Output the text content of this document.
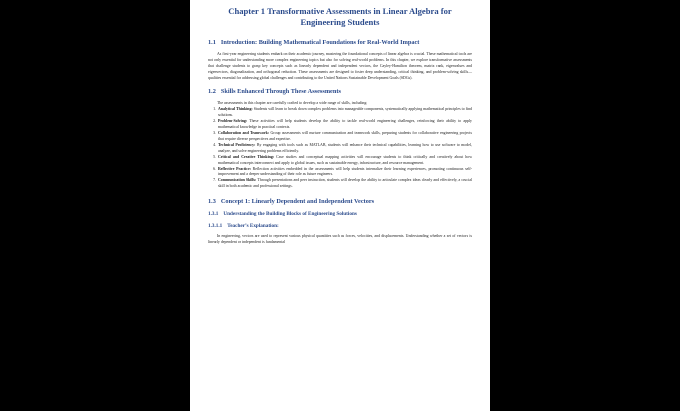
Chapter 1 Transformative Assessments in Linear Algebra for Engineering Students
1.1 Introduction: Building Mathematical Foundations for Real-World Impact

As first-year engineering students embark on their academic journey, mastering the foundational concepts of linear algebra is crucial. These mathematical tools are not only essential for understanding more complex engineering topics but also for solving real-world problems. In this chapter, we explore transformative assessments that challenge students to grasp key concepts such as linearly dependent and independent vectors, the Cayley-Hamilton theorem, matrix rank, eigenvalues and eigenvectors, diagonalization, and orthogonal reduction. These assessments are designed to foster deep understanding, critical thinking, and problem-solving skills—qualities essential for addressing global challenges and contributing to the United Nations Sustainable Development Goals (SDGs).

1.2 Skills Enhanced Through These Assessments

The assessments in this chapter are carefully crafted to develop a wide range of skills, including:

1. Analytical Thinking: Students will learn to break down complex problems into manageable components, systematically applying mathematical principles to find solutions.
2. Problem-Solving: These activities will help students develop the ability to tackle real-world engineering challenges, reinforcing their ability to apply mathematical knowledge in practical contexts.
3. Collaboration and Teamwork: Group assessments will nurture communication and teamwork skills, preparing students for collaborative engineering projects that require diverse perspectives and expertise.
4. Technical Proficiency: By engaging with tools such as MATLAB, students will enhance their technical capabilities, learning how to use software to model, analyze, and solve engineering problems efficiently.
5. Critical and Creative Thinking: Case studies and conceptual mapping activities will encourage students to think critically and creatively about how mathematical concepts interconnect and apply to global issues, such as sustainable energy, infrastructure, and resource management.
6. Reflective Practice: Reflection activities embedded in the assessments will help students internalize their learning experiences, promoting continuous self-improvement and a deeper understanding of their role as future engineers.
7. Communication Skills: Through presentations and peer instruction, students will develop the ability to articulate complex ideas clearly and effectively, a crucial skill in both academic and professional settings.
1.3 Concept 1: Linearly Dependent and Independent Vectors
1.3.1 Understanding the Building Blocks of Engineering Solutions
1.3.1.1 Teacher’s Explanation:

In engineering, vectors are used to represent various physical quantities such as forces, velocities, and displacements. Understanding whether a set of vectors is linearly dependent or independent is fundamental
